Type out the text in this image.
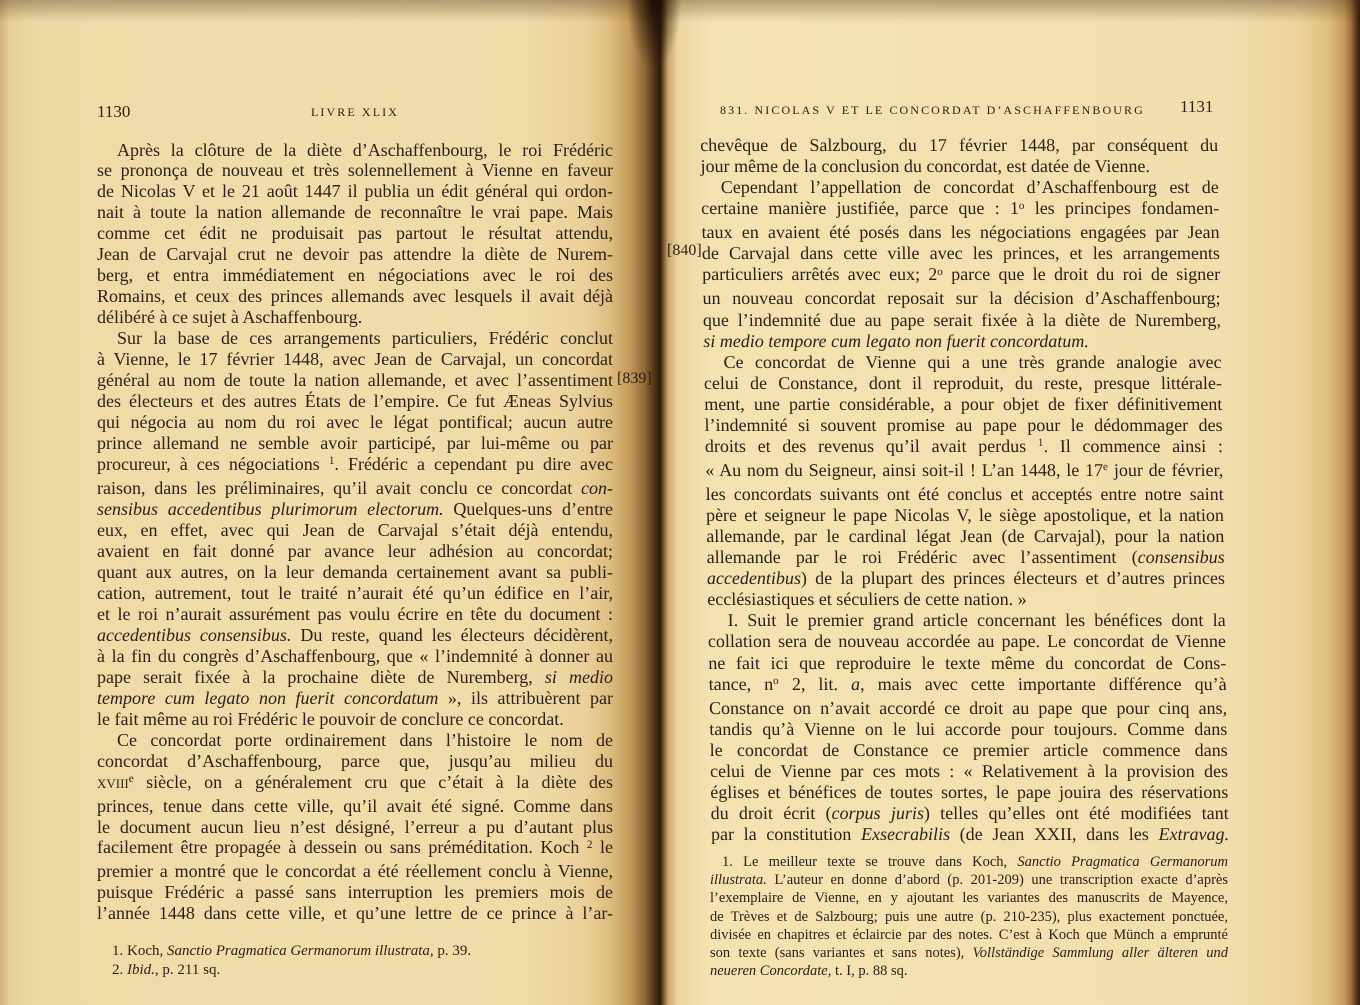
1130	LIVRE XLIX	831. NICOLAS V ET LE CONCORDAT D’ASCHAFFENBOURG 1131
Après la clôture de la diète d’Aschaffenbourg, le roi Frédéric
se prononça de nouveau et très solennellement à Vienne en faveur
de Nicolas V et le 21 août 1447 il publia un édit général qui ordon-
nait à toute la nation allemande de reconnaître le vrai pape. Mais
comme cet édit ne produisait pas partout le résultat attendu,
Jean de Carvajal crut ne devoir pas attendre la diète de Nurem-
berg, et entra immédiatement en négociations avec le roi des
Romains, et ceux des princes allemands avec lesquels il avait déjà
délibéré à ce sujet à Aschaffenbourg.
Sur la base de ces arrangements particuliers, Frédéric conclut
à Vienne, le 17 février 1448, avec Jean de Carvajal, un concordat
général au nom de toute la nation allemande, et avec l’assentiment
des électeurs et des autres États de l’empire. Ce fut Æneas Sylvius
qui négocia au nom du roi avec le légat pontifical; aucun autre
prince allemand ne semble avoir participé, par lui-même ou par
procureur, à ces négociations $^1$. Frédéric a cependant pu dire avec
raison, dans les préliminaires, qu’il avait conclu ce concordat con-
sensibus accedentibus plurimorum electorum. Quelques-uns d’entre
eux, en effet, avec qui Jean de Carvajal s’était déjà entendu,
avaient en fait donné par avance leur adhésion au concordat;
quant aux autres, on la leur demanda certainement avant sa publi-
cation, autrement, tout le traité n’aurait été qu’un édifice en l’air,
et le roi n’aurait assurément pas voulu écrire en tête du document :
accedentibus consensibus. Du reste, quand les électeurs décidèrent,
à la fin du congrès d’Aschaffenbourg, que « l’indemnité à donner au
pape serait fixée à la prochaine diète de Nuremberg, si medio
tempore cum legato non fuerit concordatum », ils attribuèrent par
le fait même au roi Frédéric le pouvoir de conclure ce concordat.
Ce concordat porte ordinairement dans l’histoire le nom de
concordat d’Aschaffenbourg, parce que, jusqu’au milieu du
xviii$^e$ siècle, on a généralement cru que c’était à la diète des
princes, tenue dans cette ville, qu’il avait été signé. Comme dans
le document aucun lieu n’est désigné, l’erreur a pu d’autant plus
facilement être propagée à dessein ou sans préméditation. Koch $^2$ le
premier a montré que le concordat a été réellement conclu à Vienne,
puisque Frédéric a passé sans interruption les premiers mois de
l’année 1448 dans cette ville, et qu’une lettre de ce prince à l’ar-
chevêque de Salzbourg, du 17 février 1448, par conséquent du
jour même de la conclusion du concordat, est datée de Vienne.
Cependant l’appellation de concordat d’Aschaffenbourg est de
certaine manière justifiée, parce que : 1$^o$ les principes fondamen-
taux en avaient été posés dans les négociations engagées par Jean
de Carvajal dans cette ville avec les princes, et les arrangements
particuliers arrêtés avec eux; 2$^o$ parce que le droit du roi de signer
un nouveau concordat reposait sur la décision d’Aschaffenbourg;
que l’indemnité due au pape serait fixée à la diète de Nuremberg,
si medio tempore cum legato non fuerit concordatum.
Ce concordat de Vienne qui a une très grande analogie avec
celui de Constance, dont il reproduit, du reste, presque littérale-
ment, une partie considérable, a pour objet de fixer définitivement
l’indemnité si souvent promise au pape pour le dédommager des
droits et des revenus qu’il avait perdus $^1$. Il commence ainsi :
« Au nom du Seigneur, ainsi soit-il ! L’an 1448, le 17e jour de février,
les concordats suivants ont été conclus et acceptés entre notre saint
père et seigneur le pape Nicolas V, le siège apostolique, et la nation
allemande, par le cardinal légat Jean (de Carvajal), pour la nation
allemande par le roi Frédéric avec l’assentiment (consensibus
accedentibus) de la plupart des princes électeurs et d’autres princes
ecclésiastiques et séculiers de cette nation. »
I. Suit le premier grand article concernant les bénéfices dont la
collation sera de nouveau accordée au pape. Le concordat de Vienne
ne fait ici que reproduire le texte même du concordat de Cons-
tance, $n^o$ 2, lit. a, mais avec cette importante différence qu’à
Constance on n’avait accordé ce droit au pape que pour cinq ans,
tandis qu’à Vienne on le lui accorde pour toujours. Comme dans
le concordat de Constance ce premier article commence dans
celui de Vienne par ces mots : « Relativement à la provision des
églises et bénéfices de toutes sortes, le pape jouira des réservations
du droit écrit (corpus juris) telles qu’elles ont été modifiées tant
par la constitution Exsecrabilis (de Jean XXII, dans les Extravag.
[839]
[840]
1. Koch, Sanctio Pragmatica Germanorum illustrata, p. 39.
2. Ibid., p. 211 sq.
1. Le meilleur texte se trouve dans Koch, Sanctio Pragmatica Germanorum
illustrata. L’auteur en donne d’abord (p. 201-209) une transcription exacte d’après
l’exemplaire de Vienne, en y ajoutant les variantes des manuscrits de Mayence,
de Trèves et de Salzbourg; puis une autre (p. 210-235), plus exactement ponctuée,
divisée en chapitres et éclaircie par des notes. C’est à Koch que Münch a emprunté
son texte (sans variantes et sans notes), Vollständige Sammlung aller älteren und
neueren Concordate, t. I, p. 88 sq.
